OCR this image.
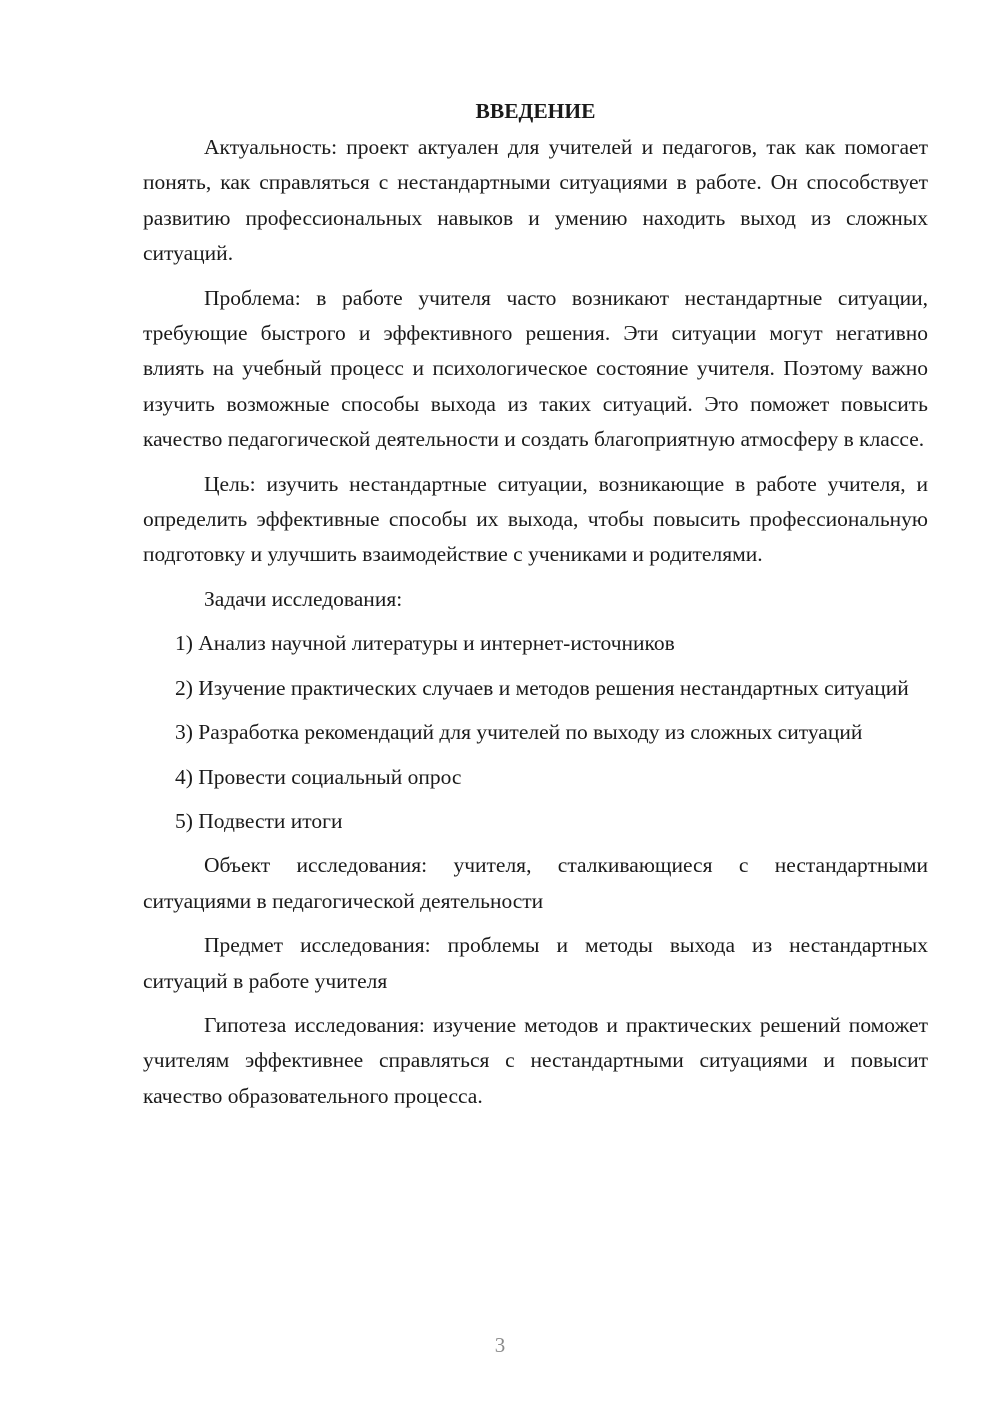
ВВЕДЕНИЕ

Актуальность: проект актуален для учителей и педагогов, так как помогает понять, как справляться с нестандартными ситуациями в работе. Он способствует развитию профессиональных навыков и умению находить выход из сложных ситуаций.

Проблема: в работе учителя часто возникают нестандартные ситуации, требующие быстрого и эффективного решения. Эти ситуации могут негативно влиять на учебный процесс и психологическое состояние учителя. Поэтому важно изучить возможные способы выхода из таких ситуаций. Это поможет повысить качество педагогической деятельности и создать благоприятную атмосферу в классе.

Цель: изучить нестандартные ситуации, возникающие в работе учителя, и определить эффективные способы их выхода, чтобы повысить профессиональную подготовку и улучшить взаимодействие с учениками и родителями.

Задачи исследования:

1) Анализ научной литературы и интернет-источников

2) Изучение практических случаев и методов решения нестандартных ситуаций

3) Разработка рекомендаций для учителей по выходу из сложных ситуаций

4) Провести социальный опрос

5) Подвести итоги

Объект исследования: учителя, сталкивающиеся с нестандартными ситуациями в педагогической деятельности

Предмет исследования: проблемы и методы выхода из нестандартных ситуаций в работе учителя

Гипотеза исследования: изучение методов и практических решений поможет учителям эффективнее справляться с нестандартными ситуациями и повысит качество образовательного процесса.

3
